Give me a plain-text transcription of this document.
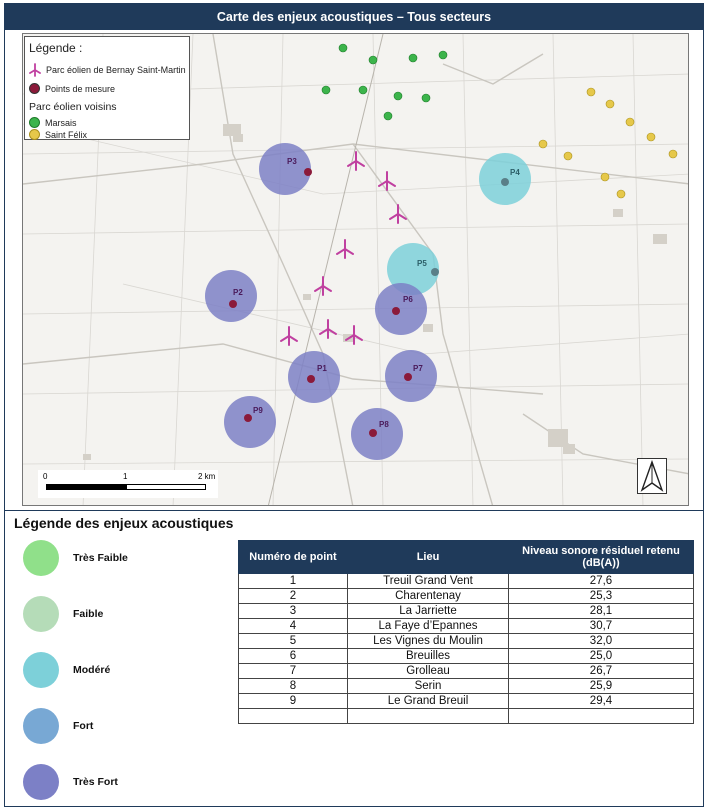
Carte des enjeux acoustiques – Tous secteurs
P3
P4
P5
P2
P6
P1	P7
P8
P9
Légende :
Parc éolien de Bernay Saint-Martin
Points de mesure
Parc éolien voisins
Marsais
Saint Félix
0	1	2 km
Légende des enjeux acoustiques
Très Faible
Faible
Modéré
Fort
Très Fort
Numéro de point	Lieu	Niveau sonore résiduel retenu (dB(A))
1	Treuil Grand Vent	27,6
2	Charentenay	25,3
3	La Jarriette	28,1
4	La Faye d’Epannes	30,7
5	Les Vignes du Moulin	32,0
6	Breuilles	25,0
7	Grolleau	26,7
8	Serin	25,9
9	Le Grand Breuil	29,4
